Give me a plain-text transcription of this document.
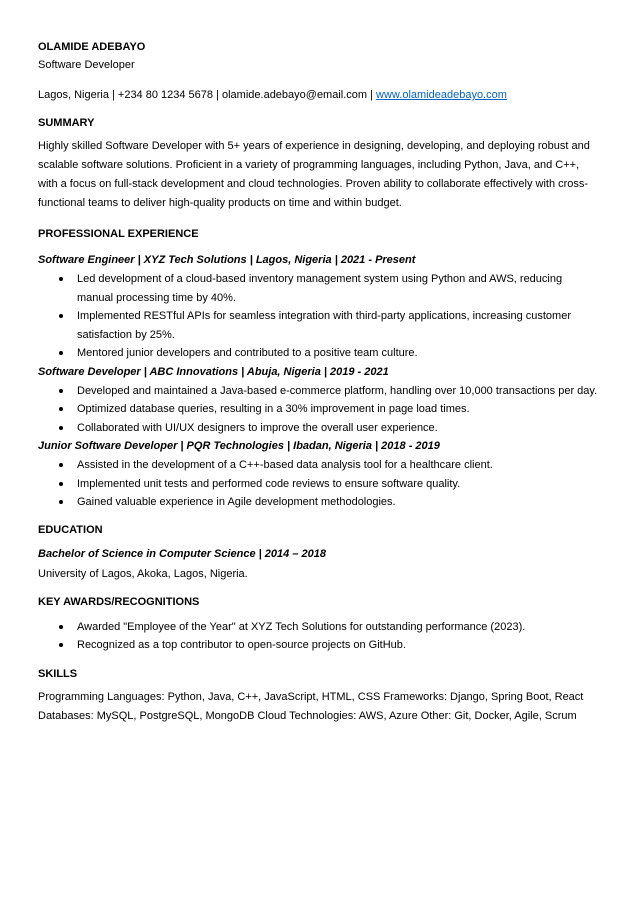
OLAMIDE ADEBAYO

Software Developer

Lagos, Nigeria | +234 80 1234 5678 | olamide.adebayo@email.com | www.olamideadebayo.com

SUMMARY

Highly skilled Software Developer with 5+ years of experience in designing, developing, and deploying robust and scalable software solutions. Proficient in a variety of programming languages, including Python, Java, and C++, with a focus on full-stack development and cloud technologies. Proven ability to collaborate effectively with cross-functional teams to deliver high-quality products on time and within budget.

PROFESSIONAL EXPERIENCE

Software Engineer | XYZ Tech Solutions | Lagos, Nigeria | 2021 - Present

Led development of a cloud-based inventory management system using Python and AWS, reducing manual processing time by 40%.
Implemented RESTful APIs for seamless integration with third-party applications, increasing customer satisfaction by 25%.
Mentored junior developers and contributed to a positive team culture.

Software Developer | ABC Innovations | Abuja, Nigeria | 2019 - 2021

Developed and maintained a Java-based e-commerce platform, handling over 10,000 transactions per day.
Optimized database queries, resulting in a 30% improvement in page load times.
Collaborated with UI/UX designers to improve the overall user experience.

Junior Software Developer | PQR Technologies | Ibadan, Nigeria | 2018 - 2019

Assisted in the development of a C++-based data analysis tool for a healthcare client.
Implemented unit tests and performed code reviews to ensure software quality.
Gained valuable experience in Agile development methodologies.

EDUCATION

Bachelor of Science in Computer Science | 2014 – 2018

University of Lagos, Akoka, Lagos, Nigeria.

KEY AWARDS/RECOGNITIONS

Awarded "Employee of the Year" at XYZ Tech Solutions for outstanding performance (2023).
Recognized as a top contributor to open-source projects on GitHub.

SKILLS

Programming Languages: Python, Java, C++, JavaScript, HTML, CSS Frameworks: Django, Spring Boot, React

Databases: MySQL, PostgreSQL, MongoDB Cloud Technologies: AWS, Azure Other: Git, Docker, Agile, Scrum
